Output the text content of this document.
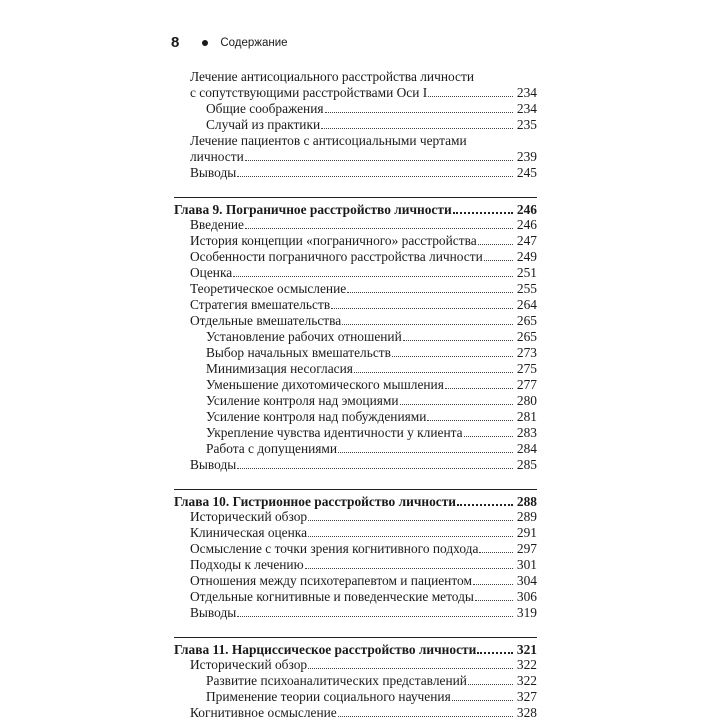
8	Содержание
Лечение антисоциального расстройства личности
с сопутствующими расстройствами Оси I	234
Общие соображения	234
Случай из практики	235
Лечение пациентов с антисоциальными чертами
личности	239
Выводы	245
Глава 9. Пограничное расстройство личности	246
Введение	246
История концепции «пограничного» расстройства	247
Особенности пограничного расстройства личности	249
Оценка	251
Теоретическое осмысление	255
Стратегия вмешательств	264
Отдельные вмешательства	265
Установление рабочих отношений	265
Выбор начальных вмешательств	273
Минимизация несогласия	275
Уменьшение дихотомического мышления	277
Усиление контроля над эмоциями	280
Усиление контроля над побуждениями	281
Укрепление чувства идентичности у клиента	283
Работа с допущениями	284
Выводы	285
Глава 10. Гистрионное расстройство личности	288
Исторический обзор	289
Клиническая оценка	291
Осмысление с точки зрения когнитивного подхода	297
Подходы к лечению	301
Отношения между психотерапевтом и пациентом	304
Отдельные когнитивные и поведенческие методы	306
Выводы	319
Глава 11. Нарциссическое расстройство личности	321
Исторический обзор	322
Развитие психоаналитических представлений	322
Применение теории социального научения	327
Когнитивное осмысление	328
